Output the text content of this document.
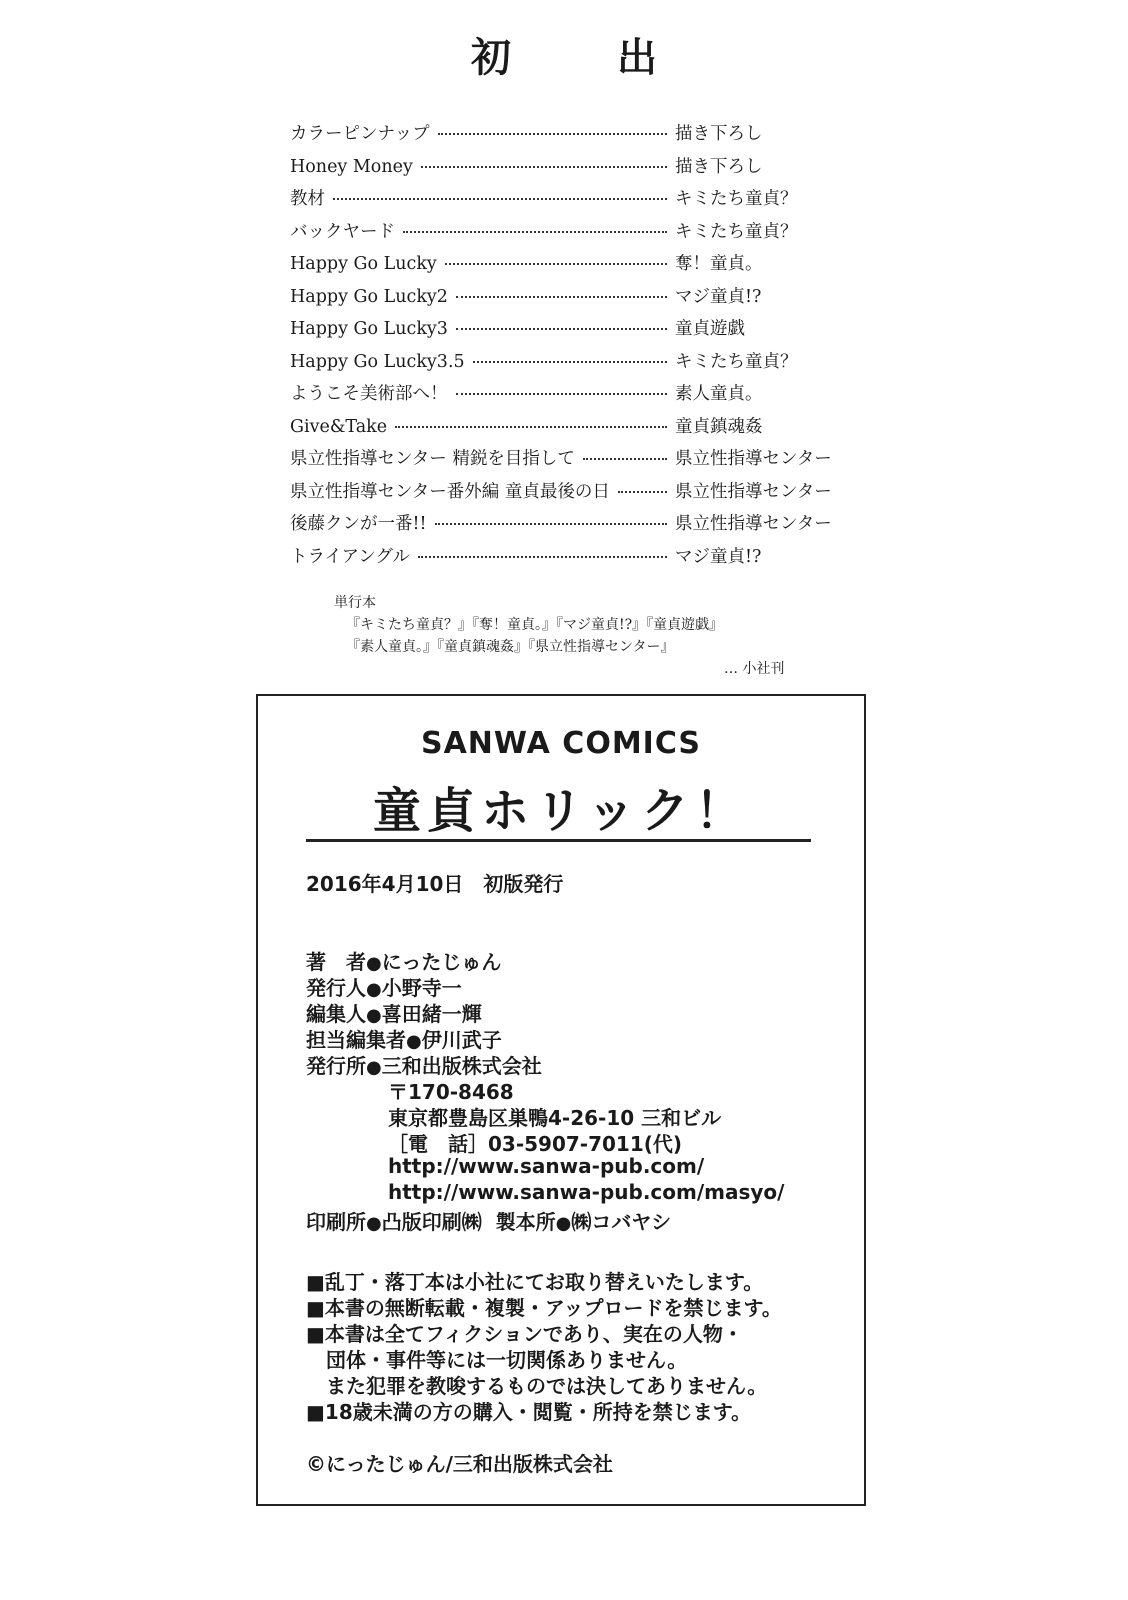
初 出
カラーピンナップ	描き下ろし
Honey Money	描き下ろし
教材	キミたち童貞？
バックヤード	キミたち童貞？
Happy Go Lucky	奪！童貞。
Happy Go Lucky2	マジ童貞!?
Happy Go Lucky3	童貞遊戯
Happy Go Lucky3.5	キミたち童貞？
ようこそ美術部へ！	素人童貞。
Give&Take	童貞鎮魂姦
県立性指導センター 精鋭を目指して	県立性指導センター
県立性指導センター番外編 童貞最後の日	県立性指導センター
後藤クンが一番!!	県立性指導センター
トライアングル	マジ童貞!?
単行本
『キミたち童貞？』『奪！童貞。』『マジ童貞!?』『童貞遊戯』
『素人童貞。』『童貞鎮魂姦』『県立性指導センター』
… 小社刊
SANWA COMICS
童貞ホリック！
2016年4月10日　初版発行
著　者●にったじゅん
発行人●小野寺一
編集人●喜田緒一輝
担当編集者●伊川武子
発行所●三和出版株式会社
〒170-8468
東京都豊島区巣鴨4-26-10 三和ビル
［電　話］03-5907-7011(代)
http://www.sanwa-pub.com/
http://www.sanwa-pub.com/masyo/
印刷所●凸版印刷㈱ 製本所●㈱コバヤシ
■乱丁・落丁本は小社にてお取り替えいたします。
■本書の無断転載・複製・アップロードを禁じます。
■本書は全てフィクションであり、実在の人物・
団体・事件等には一切関係ありません。
また犯罪を教唆するものでは決してありません。
■18歳未満の方の購入・閲覧・所持を禁じます。
©にったじゅん/三和出版株式会社
